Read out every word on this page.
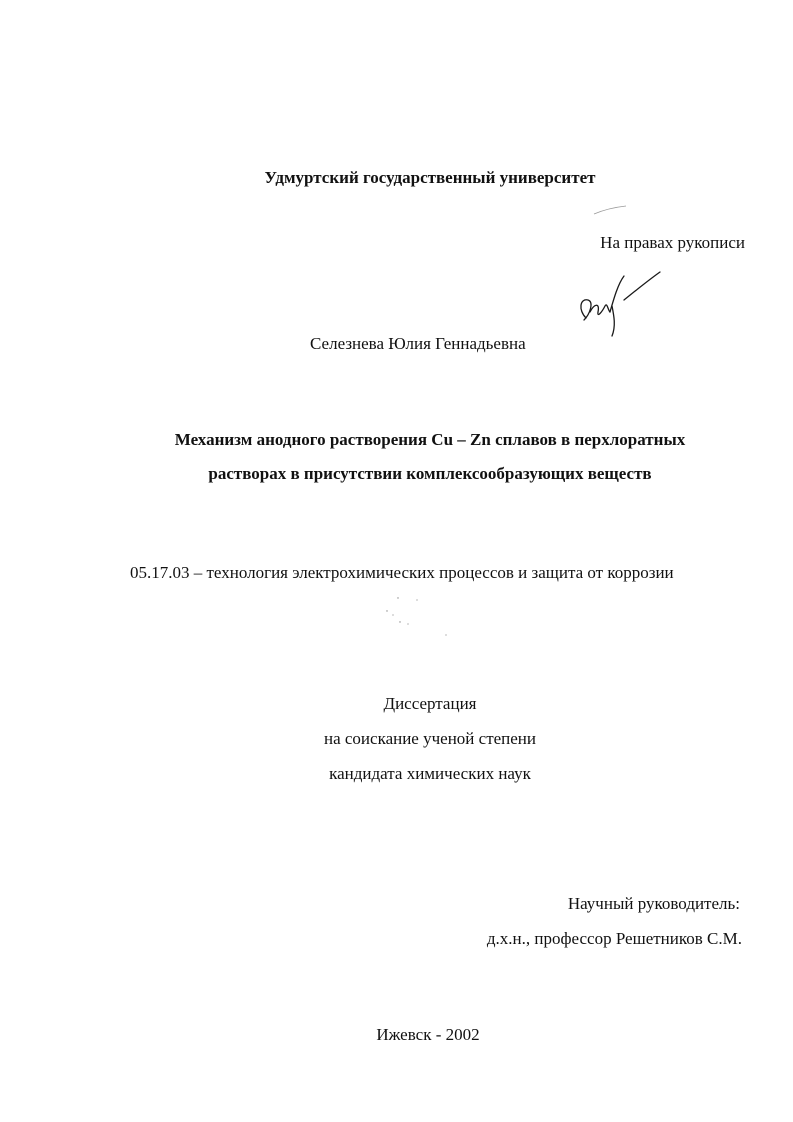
Удмуртский государственный университет
На правах рукописи
Селезнева Юлия Геннадьевна
Механизм анодного растворения Cu – Zn сплавов в перхлоратных
растворах в присутствии комплексообразующих веществ
05.17.03 – технология электрохимических процессов и защита от коррозии
Диссертация
на соискание ученой степени
кандидата химических наук
Научный руководитель:
д.х.н., профессор Решетников С.М.
Ижевск - 2002
